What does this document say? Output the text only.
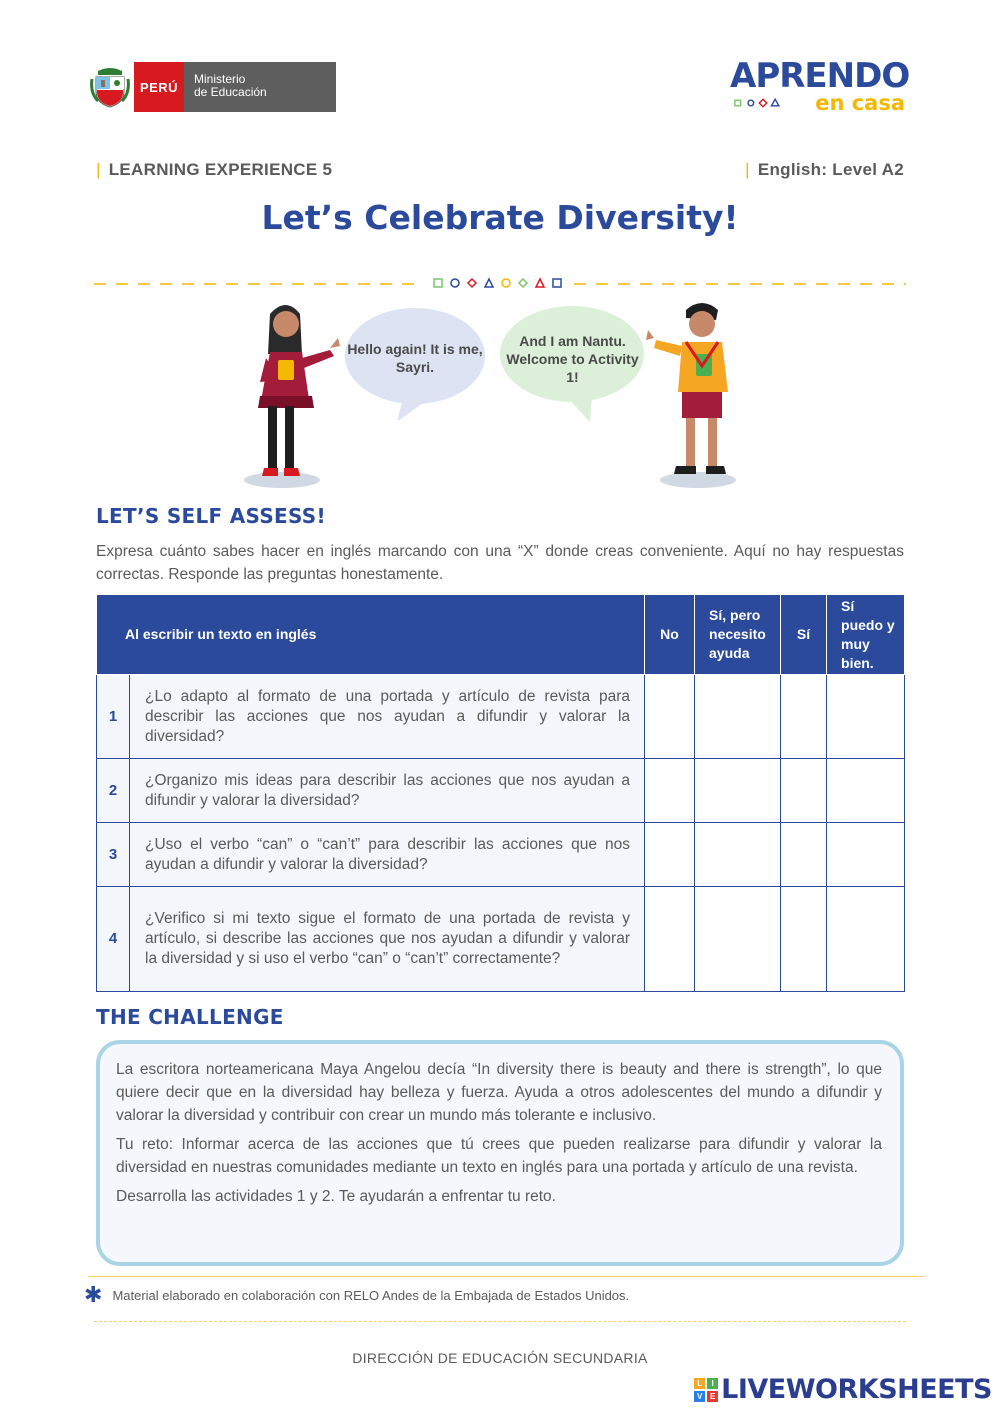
PERÚ
Ministerio
de Educación	APRENDO
en casa
| LEARNING EXPERIENCE 5	| English: Level A2
Let’s Celebrate Diversity!
Hello again! It is me, Sayri.
And I am Nantu. Welcome to Activity 1!
LET’S SELF ASSESS!
Expresa cuánto sabes hacer en inglés marcando con una “X” donde creas conveniente. Aquí no hay respuestas correctas. Responde las preguntas honestamente.
Al escribir un texto en inglés		No	Sí, pero necesito ayuda	Sí	Sí puedo y muy bien.
1	¿Lo adapto al formato de una portada y artículo de revista para describir las acciones que nos ayudan a difundir y valorar la diversidad?				
2	¿Organizo mis ideas para describir las acciones que nos ayudan a difundir y valorar la diversidad?				
3	¿Uso el verbo “can” o “can’t” para describir las acciones que nos ayudan a difundir y valorar la diversidad?				
4	¿Verifico si mi texto sigue el formato de una portada de revista y artículo, si describe las acciones que nos ayudan a difundir y valorar la diversidad y si uso el verbo “can” o “can’t” correctamente?				
THE CHALLENGE

La escritora norteamericana Maya Angelou decía “In diversity there is beauty and there is strength”, lo que quiere decir que en la diversidad hay belleza y fuerza. Ayuda a otros adolescentes del mundo a difundir y valorar la diversidad y contribuir con crear un mundo más tolerante e inclusivo.

Tu reto: Informar acerca de las acciones que tú crees que pueden realizarse para difundir y valorar la diversidad en nuestras comunidades mediante un texto en inglés para una portada y artículo de una revista.

Desarrolla las actividades 1 y 2. Te ayudarán a enfrentar tu reto.

✱ Material elaborado en colaboración con RELO Andes de la Embajada de Estados Unidos.
DIRECCIÓN DE EDUCACIÓN SECUNDARIA
L	I
V E LIVEWORKSHEETS
